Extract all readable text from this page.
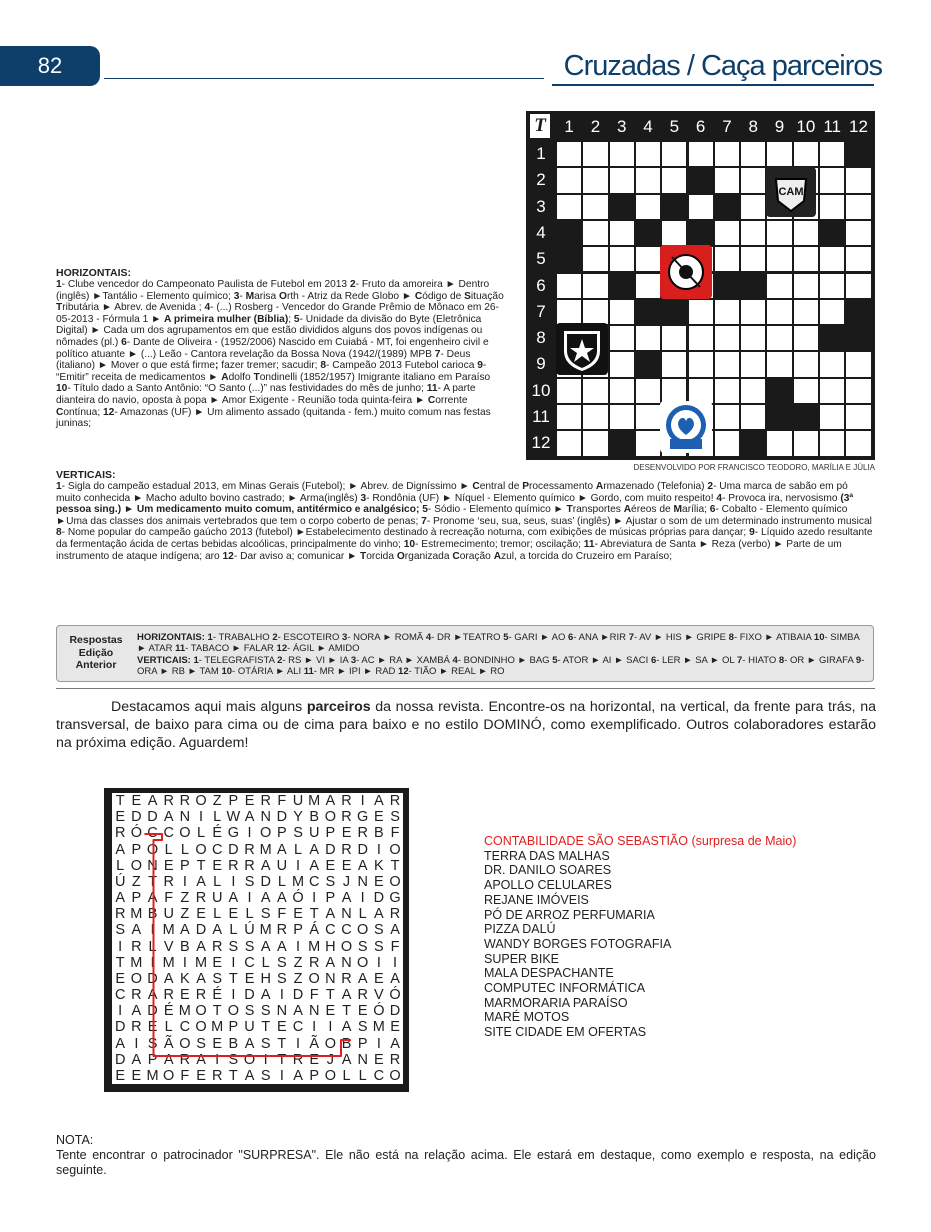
82	Cruzadas / Caça parceiros
T	1 2 3 4 5 6 7 8 9 10 11 12
1
2
3
4
5
6
7
8
9
10
11
12
CAM
DESENVOLVIDO POR FRANCISCO TEODORO, MARÍLIA E JÚLIA
HORIZONTAIS:
1- Clube vencedor do Campeonato Paulista de Futebol em 2013 2- Fruto da amoreira ► Dentro (inglês) ►Tantálio - Elemento químico; 3- Marisa Orth - Atriz da Rede Globo ► Código de Situação Tributária ► Abrev. de Avenida ; 4- (...) Rosberg - Vencedor do Grande Prêmio de Mônaco em 26-05-2013 - Fórmula 1 ► A primeira mulher (Bíblia); 5- Unidade da divisão do Byte (Eletrônica Digital) ► Cada um dos agrupamentos em que estão divididos alguns dos povos indígenas ou nômades (pl.) 6- Dante de Oliveira - (1952/2006) Nascido em Cuiabá - MT, foi engenheiro civil e político atuante ► (...) Leão - Cantora revelação da Bossa Nova (1942/(1989) MPB 7- Deus (italiano) ► Mover o que está firme; fazer tremer; sacudir; 8- Campeão 2013 Futebol carioca 9- “Emitir” receita de medicamentos ► Adolfo Tondinelli (1852/1957) Imigrante italiano em Paraíso 10- Título dado a Santo Antônio: “O Santo (...)” nas festividades do mês de junho; 11- A parte dianteira do navio, oposta à popa ► Amor Exigente - Reunião toda quinta-feira ► Corrente Contínua; 12- Amazonas (UF) ► Um alimento assado (quitanda - fem.) muito comum nas festas juninas;
VERTICAIS:
1- Sigla do campeão estadual 2013, em Minas Gerais (Futebol); ► Abrev. de Digníssimo ► Central de Processamento Armazenado (Telefonia) 2- Uma marca de sabão em pó muito conhecida ► Macho adulto bovino castrado; ► Arma(inglês) 3- Rondônia (UF) ► Níquel - Elemento químico ► Gordo, com muito respeito! 4- Provoca ira, nervosismo (3ª pessoa sing.) ► Um medicamento muito comum, antitérmico e analgésico; 5- Sódio - Elemento químico ► Transportes Aéreos de Marília; 6- Cobalto - Elemento químico ►Uma das classes dos animais vertebrados que tem o corpo coberto de penas; 7- Pronome ‘seu, sua, seus, suas’ (inglês) ► Ajustar o som de um determinado instrumento musical 8- Nome popular do campeão gaúcho 2013 (futebol) ►Estabelecimento destinado à recreação noturna, com exibições de músicas próprias para dançar; 9- Líquido azedo resultante da fermentação ácida de certas bebidas alcoólicas, principalmente do vinho; 10- Estremecimento; tremor; oscilação; 11- Abreviatura de Santa ► Reza (verbo) ► Parte de um instrumento de ataque indígena; aro 12- Dar aviso a; comunicar ► Torcida Organizada Coração Azul, a torcida do Cruzeiro em Paraíso;
Respostas
Edição
Anterior
HORIZONTAIS: 1- TRABALHO 2- ESCOTEIRO 3- NORA ► ROMÃ 4- DR ►TEATRO 5- GARI ► AO 6- ANA ►RIR 7- AV ► HIS ► GRIPE 8- FIXO ► ATIBAIA 10- SIMBA ► ATAR 11- TABACO ► FALAR 12- ÁGIL ► AMIDO
VERTICAIS: 1- TELEGRAFISTA 2- RS ► VI ► IA 3- AC ► RA ► XAMBÁ 4- BONDINHO ► BAG 5- ATOR ► AI ► SACI 6- LER ► SA ► OL 7- HIATO 8- OR ► GIRAFA 9- ORA ► RB ► TAM 10- OTÁRIA ► ALI 11- MR ► IPI ► RAD 12- TIÃO ► REAL ► RO
Destacamos aqui mais alguns parceiros da nossa revista. Encontre-os na horizontal, na vertical, da frente para trás, na transversal, de baixo para cima ou de cima para baixo e no estilo DOMINÓ, como exemplificado. Outros colaboradores estarão na próxima edição. Aguardem!
T E A R R O Z P E R F U M A R I A R
E D D A N I L W A N D Y B O R G E S
R Ó C C O L É G I O P S U P E R B F
A P O L L O C D R M A L A D R D I O
L O N E P T E R R A U I A E E A K T
Ú Z T R I A L I S D L M C S J N E O
A P A F Z R U A I A A Ó I P A I D G
R M B U Z E L E L S F E T A N L A R
S A I M A D A L Ú M R P Á C C O S A
I R L V B A R S S A A I M H O S S F
T M I M I M E I C L S Z R A N O I I
E O D A K A S T E H S Z O N R A E A
C R A R E R É I D A I D F T A R V Ó
I A D É M O T O S S N A N E T E Ó D
D R E L C O M P U T E C I I A S M E
A I S Ã O S E B A S T I Ã O B P I A
D A P A R A I S O I T R E J A N E R
E E M O F E R T A S I A P O L L C O
CONTABILIDADE SÃO SEBASTIÃO (surpresa de Maio)
TERRA DAS MALHAS
DR. DANILO SOARES
APOLLO CELULARES
REJANE IMÓVEIS
PÓ DE ARROZ PERFUMARIA
PIZZA DALÚ
WANDY BORGES FOTOGRAFIA
SUPER BIKE
MALA DESPACHANTE
COMPUTEC INFORMÁTICA
MARMORARIA PARAÍSO
MARÉ MOTOS
SITE CIDADE EM OFERTAS
NOTA:
Tente encontrar o patrocinador "SURPRESA". Ele não está na relação acima. Ele estará em destaque, como exemplo e resposta, na edição seguinte.
